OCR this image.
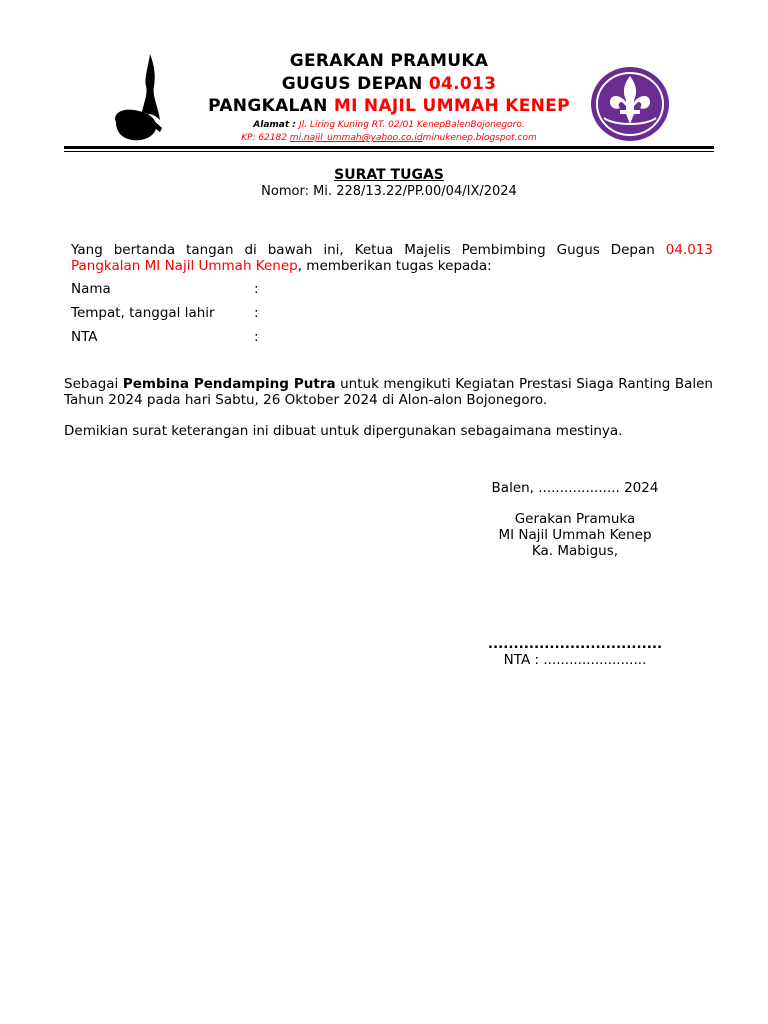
GERAKAN PRAMUKA
GUGUS DEPAN 04.013
PANGKALAN MI NAJIL UMMAH KENEP
Alamat : Jl. Liring Kuning RT. 02/01 KenepBalenBojonegoro.
KP: 62182 mi.najil_ummah@yahoo.co.idminukenep.blogspot.com
SURAT TUGAS
Nomor: Mi. 228/13.22/PP.00/04/IX/2024
Yang bertanda tangan di bawah ini, Ketua Majelis Pembimbing Gugus Depan 04.013 Pangkalan MI Najil Ummah Kenep, memberikan tugas kepada:
Nama	:
Tempat, tanggal lahir	:
NTA	:
Sebagai Pembina Pendamping Putra untuk mengikuti Kegiatan Prestasi Siaga Ranting Balen Tahun 2024 pada hari Sabtu, 26 Oktober 2024 di Alon-alon Bojonegoro.
Demikian surat keterangan ini dibuat untuk dipergunakan sebagaimana mestinya.
Balen, ................... 2024
Gerakan Pramuka
MI Najil Ummah Kenep
Ka. Mabigus,
..................................
NTA : ........................
